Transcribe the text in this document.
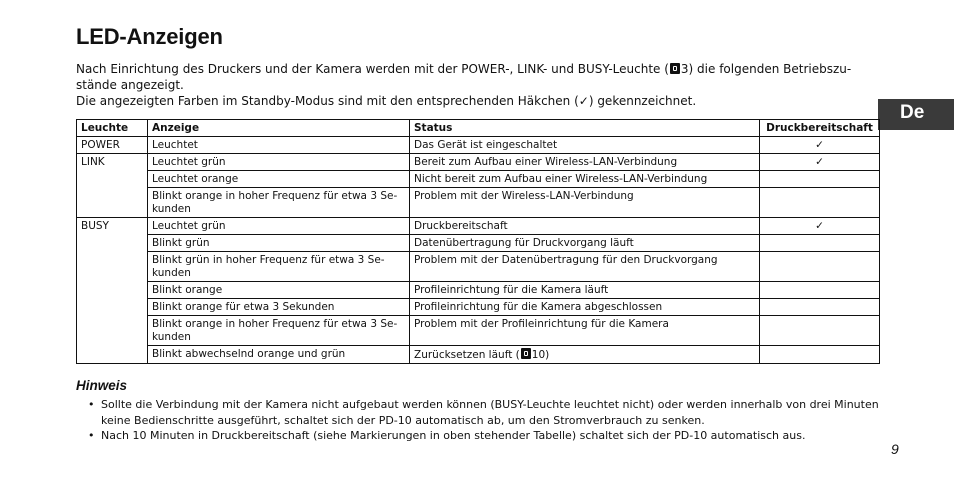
LED-Anzeigen

Nach Einrichtung des Druckers und der Kamera werden mit der POWER-, LINK- und BUSY-Leuchte ( 3) die folgenden Betriebszu-stände angezeigt.

Die angezeigten Farben im Standby-Modus sind mit den entsprechenden Häkchen (✓) gekennzeichnet.

De
Leuchte	Anzeige	Status	Druckbereitschaft
POWER	Leuchtet	Das Gerät ist eingeschaltet	✓
LINK	Leuchtet grün	Bereit zum Aufbau einer Wireless-LAN-Verbindung	✓
	Leuchtet orange	Nicht bereit zum Aufbau einer Wireless-LAN-Verbindung	
	Blinkt orange in hoher Frequenz für etwa 3 Se-kunden	Problem mit der Wireless-LAN-Verbindung	
BUSY	Leuchtet grün	Druckbereitschaft	✓
	Blinkt grün	Datenübertragung für Druckvorgang läuft	
	Blinkt grün in hoher Frequenz für etwa 3 Se-kunden	Problem mit der Datenübertragung für den Druckvorgang	
	Blinkt orange	Profileinrichtung für die Kamera läuft	
	Blinkt orange für etwa 3 Sekunden	Profileinrichtung für die Kamera abgeschlossen	
	Blinkt orange in hoher Frequenz für etwa 3 Se-kunden	Problem mit der Profileinrichtung für die Kamera	
	Blinkt abwechselnd orange und grün	Zurücksetzen läuft ( 10)	
Hinweis
• Sollte die Verbindung mit der Kamera nicht aufgebaut werden können (BUSY-Leuchte leuchtet nicht) oder werden innerhalb von drei Minuten keine Bedienschritte ausgeführt, schaltet sich der PD-10 automatisch ab, um den Stromverbrauch zu senken.
• Nach 10 Minuten in Druckbereitschaft (siehe Markierungen in oben stehender Tabelle) schaltet sich der PD-10 automatisch aus.
9
